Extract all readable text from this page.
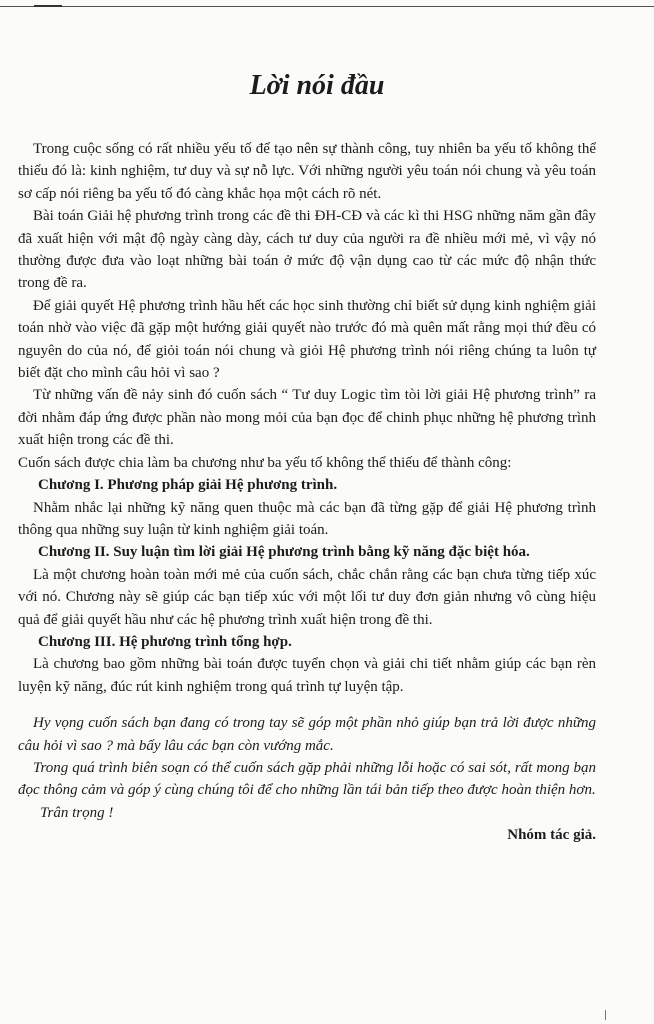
Lời nói đầu

Trong cuộc sống có rất nhiều yếu tố để tạo nên sự thành công, tuy nhiên ba yếu tố không thể thiếu đó là: kinh nghiệm, tư duy và sự nỗ lực. Với những người yêu toán nói chung và yêu toán sơ cấp nói riêng ba yếu tố đó càng khắc họa một cách rõ nét.

Bài toán Giải hệ phương trình trong các đề thi ĐH-CĐ và các kì thi HSG những năm gần đây đã xuất hiện với mật độ ngày càng dày, cách tư duy của người ra đề nhiều mới mẻ, vì vậy nó thường được đưa vào loạt những bài toán ở mức độ vận dụng cao từ các mức độ nhận thức trong đề ra.

Để giải quyết Hệ phương trình hầu hết các học sinh thường chỉ biết sử dụng kinh nghiệm giải toán nhờ vào việc đã gặp một hướng giải quyết nào trước đó mà quên mất rằng mọi thứ đều có nguyên do của nó, để giỏi toán nói chung và giỏi Hệ phương trình nói riêng chúng ta luôn tự biết đặt cho mình câu hỏi vì sao ?

Từ những vấn đề nảy sinh đó cuốn sách “ Tư duy Logic tìm tòi lời giải Hệ phương trình” ra đời nhằm đáp ứng được phần nào mong mỏi của bạn đọc để chinh phục những hệ phương trình xuất hiện trong các đề thi.

Cuốn sách được chia làm ba chương như ba yếu tố không thể thiếu để thành công:

Chương I. Phương pháp giải Hệ phương trình.

Nhằm nhắc lại những kỹ năng quen thuộc mà các bạn đã từng gặp để giải Hệ phương trình thông qua những suy luận từ kinh nghiệm giải toán.

Chương II. Suy luận tìm lời giải Hệ phương trình bằng kỹ năng đặc biệt hóa.

Là một chương hoàn toàn mới mẻ của cuốn sách, chắc chắn rằng các bạn chưa từng tiếp xúc với nó. Chương này sẽ giúp các bạn tiếp xúc với một lối tư duy đơn giản nhưng vô cùng hiệu quả để giải quyết hầu như các hệ phương trình xuất hiện trong đề thi.

Chương III. Hệ phương trình tổng hợp.

Là chương bao gồm những bài toán được tuyển chọn và giải chi tiết nhằm giúp các bạn rèn luyện kỹ năng, đúc rút kinh nghiệm trong quá trình tự luyện tập.

Hy vọng cuốn sách bạn đang có trong tay sẽ góp một phần nhỏ giúp bạn trả lời được những câu hỏi vì sao ? mà bấy lâu các bạn còn vướng mắc.

Trong quá trình biên soạn có thể cuốn sách gặp phải những lỗi hoặc có sai sót, rất mong bạn đọc thông cảm và góp ý cùng chúng tôi để cho những lần tái bản tiếp theo được hoàn thiện hơn.

Trân trọng !

Nhóm tác giả.
